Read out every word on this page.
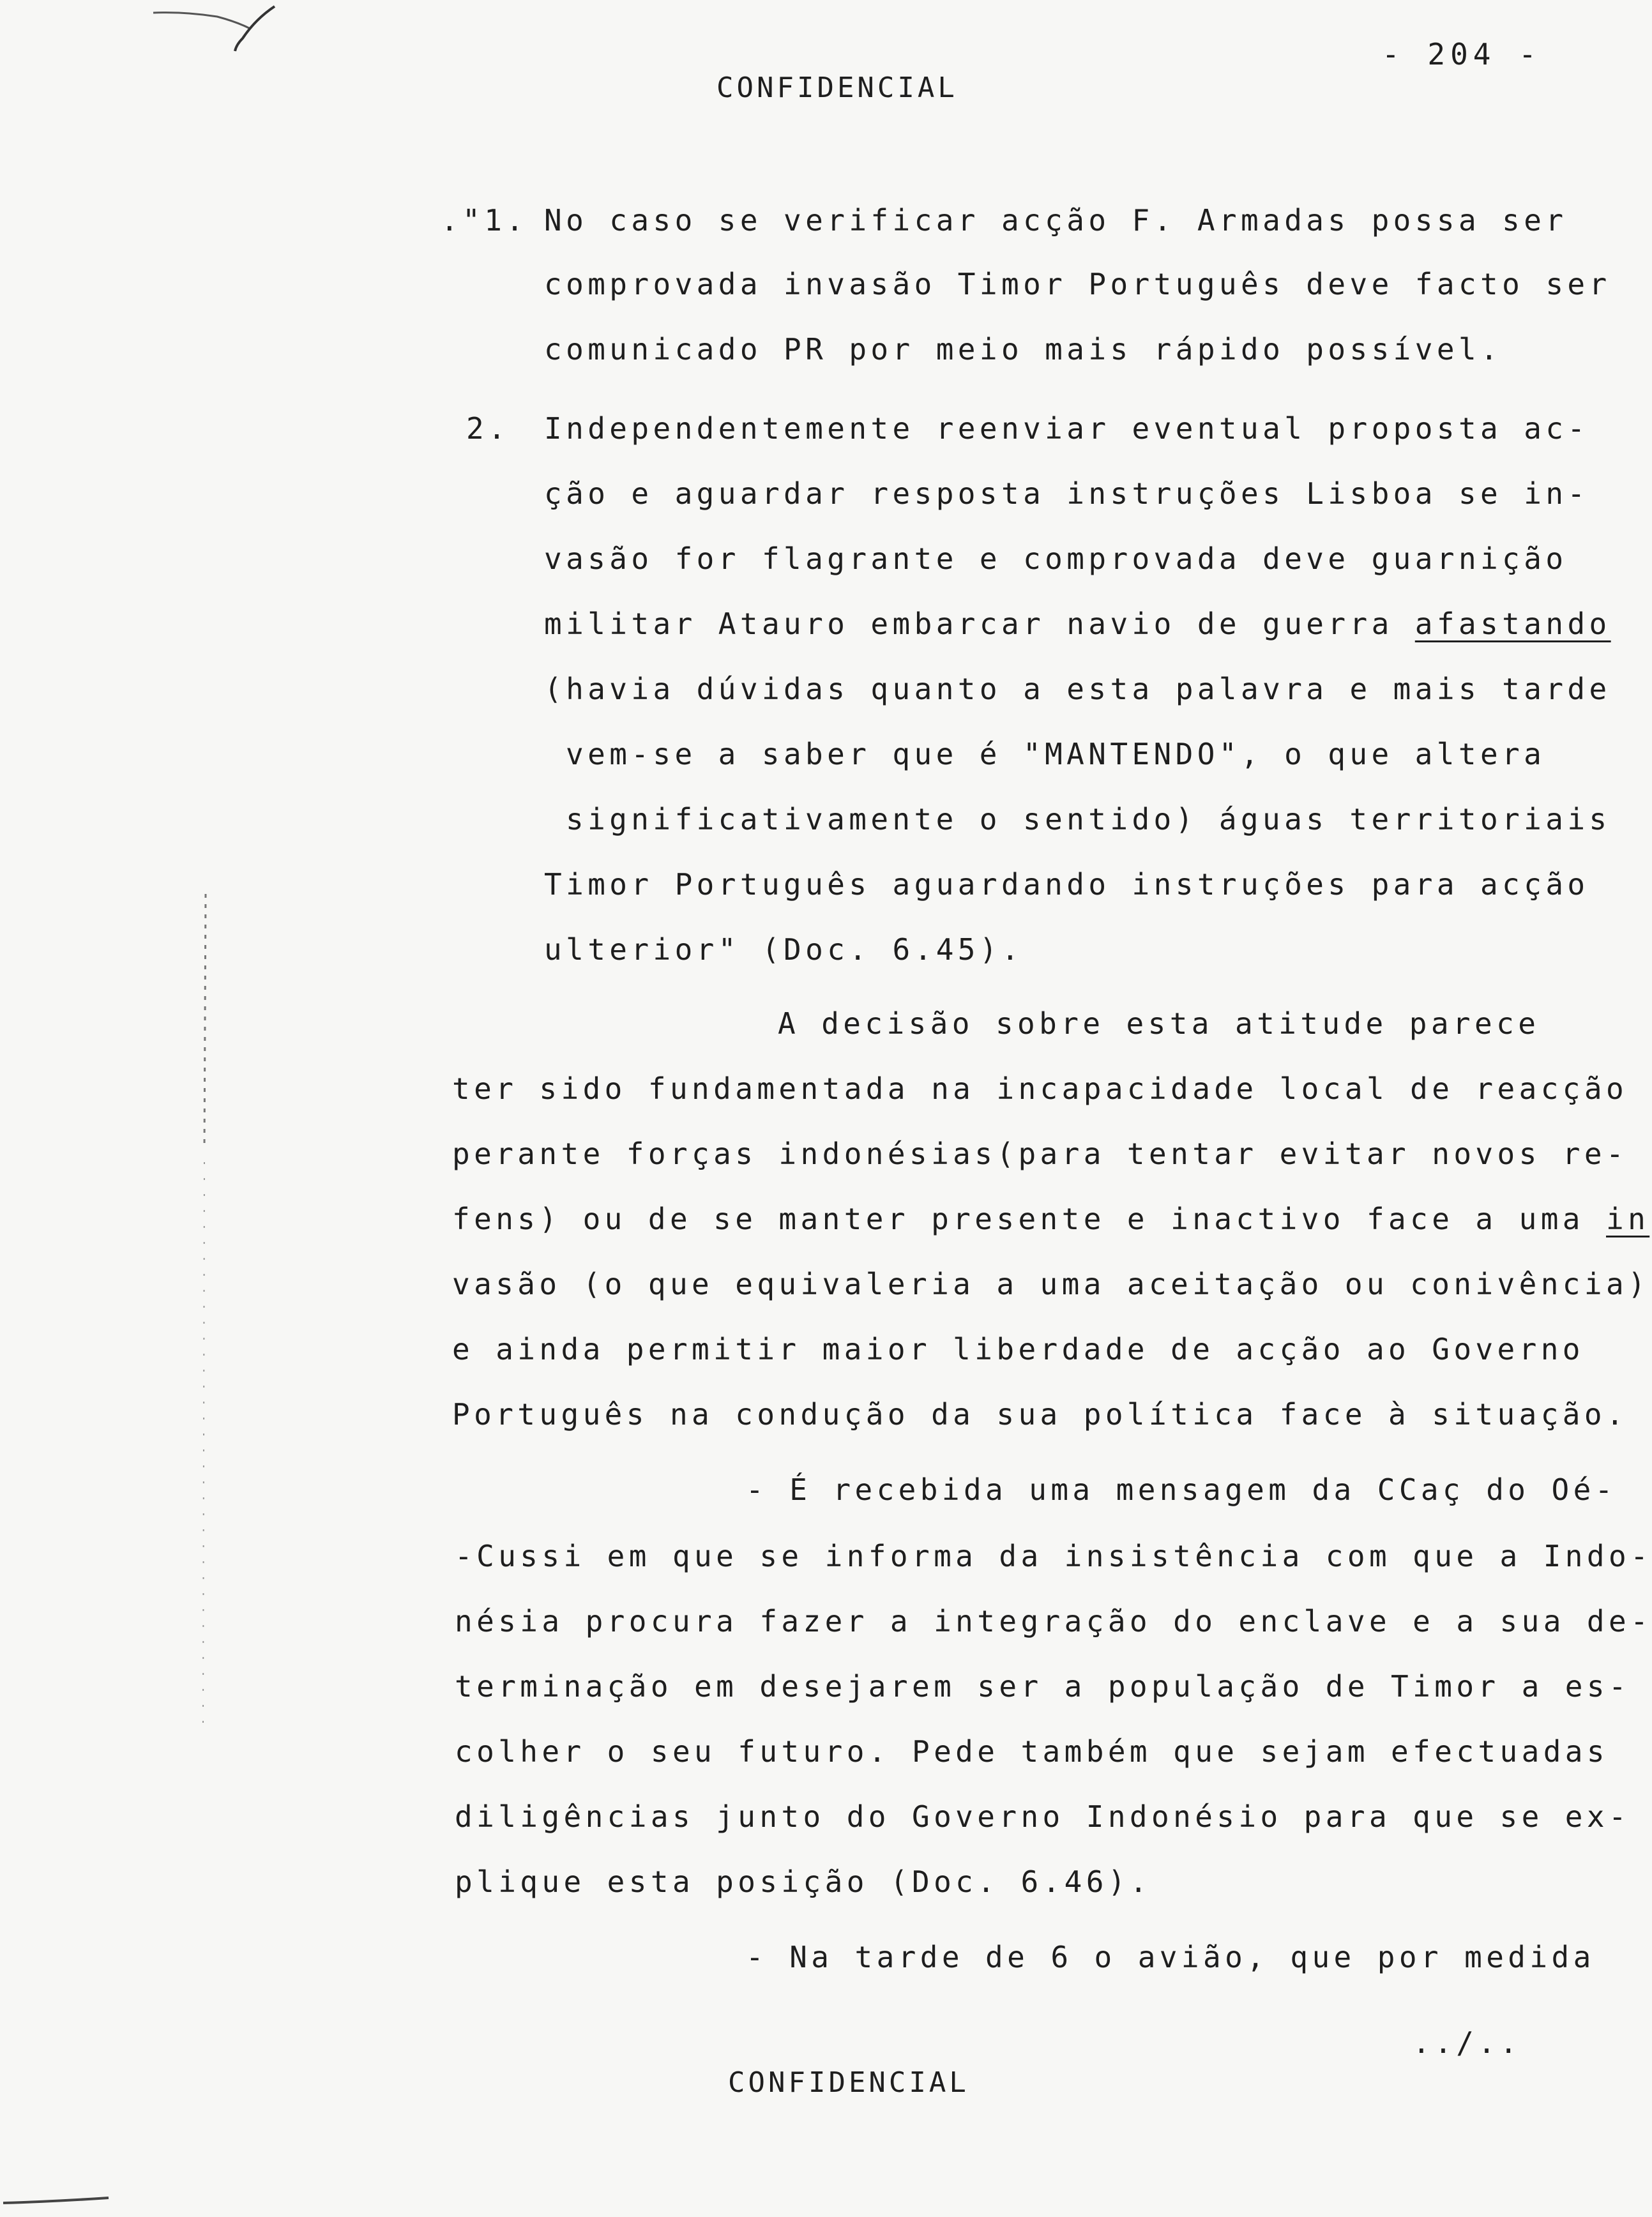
- 204 -
CONFIDENCIAL
."1. No caso se verificar acção F. Armadas possa ser
comprovada invasão Timor Português deve facto ser
comunicado PR por meio mais rápido possível.
2. Independentemente reenviar eventual proposta ac-
ção e aguardar resposta instruções Lisboa se in-
vasão for flagrante e comprovada deve guarnição
militar Atauro embarcar navio de guerra afastando
(havia dúvidas quanto a esta palavra e mais tarde
vem-se a saber que é "MANTENDO", o que altera
significativamente o sentido) águas territoriais
Timor Português aguardando instruções para acção
ulterior" (Doc. 6.45).
A decisão sobre esta atitude parece
ter sido fundamentada na incapacidade local de reacção
perante forças indonésias(para tentar evitar novos re-
fens) ou de se manter presente e inactivo face a uma in
vasão (o que equivaleria a uma aceitação ou conivência)
e ainda permitir maior liberdade de acção ao Governo
Português na condução da sua política face à situação.
- É recebida uma mensagem da CCaç do Oé-
-Cussi em que se informa da insistência com que a Indo-
nésia procura fazer a integração do enclave e a sua de-
terminação em desejarem ser a população de Timor a es-
colher o seu futuro. Pede também que sejam efectuadas
diligências junto do Governo Indonésio para que se ex-
plique esta posição (Doc. 6.46).
- Na tarde de 6 o avião, que por medida
../..
CONFIDENCIAL
